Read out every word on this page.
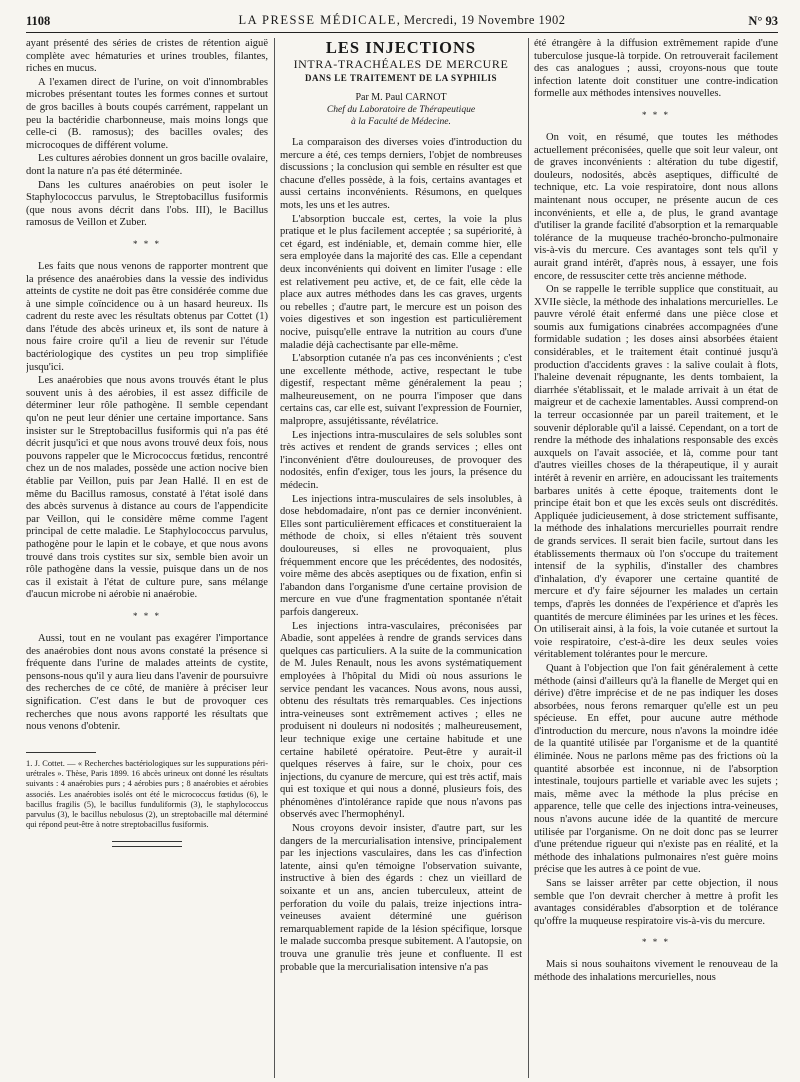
1108	LA PRESSE MÉDICALE, Mercredi, 19 Novembre 1902	N° 93

ayant présenté des séries de cristes de rétention aiguë complète avec hématuries et urines troubles, filantes, riches en mucus.

A l'examen direct de l'urine, on voit d'innombrables microbes présentant toutes les formes connes et surtout de gros bacilles à bouts coupés carrément, rappelant un peu la bactéridie charbonneuse, mais moins longs que celle-ci (B. ramosus); des bacilles ovales; des microcoques de différent volume.

Les cultures aérobies donnent un gros bacille ovalaire, dont la nature n'a pas été déterminée.

Dans les cultures anaérobies on peut isoler le Staphylococcus parvulus, le Streptobacillus fusiformis (que nous avons décrit dans l'obs. III), le Bacillus ramosus de Veillon et Zuber.

* * *

Les faits que nous venons de rapporter montrent que la présence des anaérobies dans la vessie des individus atteints de cystite ne doit pas être considérée comme due à une simple coïncidence ou à un hasard heureux. Ils cadrent du reste avec les résultats obtenus par Cottet (1) dans l'étude des abcès urineux et, ils sont de nature à nous faire croire qu'il a lieu de revenir sur l'étude bactériologique des cystites un peu trop simplifiée jusqu'ici.

Les anaérobies que nous avons trouvés étant le plus souvent unis à des aérobies, il est assez difficile de déterminer leur rôle pathogène. Il semble cependant qu'on ne peut leur dénier une certaine importance. Sans insister sur le Streptobacillus fusiformis qui n'a pas été décrit jusqu'ici et que nous avons trouvé deux fois, nous pouvons rappeler que le Micrococcus fœtidus, rencontré chez un de nos malades, possède une action nocive bien établie par Veillon, puis par Jean Hallé. Il en est de même du Bacillus ramosus, constaté à l'état isolé dans des abcès survenus à distance au cours de l'appendicite par Veillon, qui le considère même comme l'agent principal de cette maladie. Le Staphylococcus parvulus, pathogène pour le lapin et le cobaye, et que nous avons trouvé dans trois cystites sur six, semble bien avoir un rôle pathogène dans la vessie, puisque dans un de nos cas il existait à l'état de culture pure, sans mélange d'aucun microbe ni aérobie ni anaérobie.

* * *

Aussi, tout en ne voulant pas exagérer l'importance des anaérobies dont nous avons constaté la présence si fréquente dans l'urine de malades atteints de cystite, pensons-nous qu'il y aura lieu dans l'avenir de poursuivre des recherches de ce côté, de manière à préciser leur signification. C'est dans le but de provoquer ces recherches que nous avons rapporté les résultats que nous venons d'obtenir.

1. J. Cottet. — « Recherches bactériologiques sur les suppurations péri-urétrales ». Thèse, Paris 1899. 16 abcès urineux ont donné les résultats suivants : 4 anaérobies purs ; 4 aérobies purs ; 8 anaérobies et aérobies associés. Les anaérobies isolés ont été le micrococcus fœtidus (6), le bacillus fragilis (5), le bacillus funduliformis (3), le staphylococcus parvulus (3), le bacillus nebulosus (2), un streptobacille mal déterminé qui répond peut-être à notre streptobacillus fusiformis.
LES INJECTIONS
INTRA-TRACHÉALES DE MERCURE
DANS LE TRAITEMENT DE LA SYPHILIS
Par M. Paul CARNOT
Chef du Laboratoire de Thérapeutique
à la Faculté de Médecine.

La comparaison des diverses voies d'introduction du mercure a été, ces temps derniers, l'objet de nombreuses discussions ; la conclusion qui semble en résulter est que chacune d'elles possède, à la fois, certains avantages et aussi certains inconvénients. Résumons, en quelques mots, les uns et les autres.

L'absorption buccale est, certes, la voie la plus pratique et le plus facilement acceptée ; sa supériorité, à cet égard, est indéniable, et, demain comme hier, elle sera employée dans la majorité des cas. Elle a cependant deux inconvénients qui doivent en limiter l'usage : elle est relativement peu active, et, de ce fait, elle cède la place aux autres méthodes dans les cas graves, urgents ou rebelles ; d'autre part, le mercure est un poison des voies digestives et son ingestion est particulièrement nocive, puisqu'elle entrave la nutrition au cours d'une maladie déjà cachectisante par elle-même.

L'absorption cutanée n'a pas ces inconvénients ; c'est une excellente méthode, active, respectant le tube digestif, respectant même généralement la peau ; malheureusement, on ne pourra l'imposer que dans certains cas, car elle est, suivant l'expression de Fournier, malpropre, assujétissante, révélatrice.

Les injections intra-musculaires de sels solubles sont très actives et rendent de grands services ; elles ont l'inconvénient d'être douloureuses, de provoquer des nodosités, enfin d'exiger, tous les jours, la présence du médecin.

Les injections intra-musculaires de sels insolubles, à dose hebdomadaire, n'ont pas ce dernier inconvénient. Elles sont particulièrement efficaces et constitueraient la méthode de choix, si elles n'étaient très souvent douloureuses, si elles ne provoquaient, plus fréquemment encore que les précédentes, des nodosités, voire même des abcès aseptiques ou de fixation, enfin si l'abandon dans l'organisme d'une certaine provision de mercure en vue d'une fragmentation spontanée n'était parfois dangereux.

Les injections intra-vasculaires, préconisées par Abadie, sont appelées à rendre de grands services dans quelques cas particuliers. A la suite de la communication de M. Jules Renault, nous les avons systématiquement employées à l'hôpital du Midi où nous assurions le service pendant les vacances. Nous avons, nous aussi, obtenu des résultats très remarquables. Ces injections intra-veineuses sont extrêmement actives ; elles ne produisent ni douleurs ni nodosités ; malheureusement, leur technique exige une certaine habitude et une certaine habileté opératoire. Peut-être y aurait-il quelques réserves à faire, sur le choix, pour ces injections, du cyanure de mercure, qui est très actif, mais qui est toxique et qui nous a donné, plusieurs fois, des phénomènes d'intolérance rapide que nous n'avons pas observés avec l'hermophényl.

Nous croyons devoir insister, d'autre part, sur les dangers de la mercurialisation intensive, principalement par les injections vasculaires, dans les cas d'infection latente, ainsi qu'en témoigne l'observation suivante, instructive à bien des égards : chez un vieillard de soixante et un ans, ancien tuberculeux, atteint de perforation du voile du palais, treize injections intra-veineuses avaient déterminé une guérison remarquablement rapide de la lésion spécifique, lorsque le malade succomba presque subitement. A l'autopsie, on trouva une granulie très jeune et confluente. Il est probable que la mercurialisation intensive n'a pas

été étrangère à la diffusion extrêmement rapide d'une tuberculose jusque-là torpide. On retrouverait facilement des cas analogues ; aussi, croyons-nous que toute infection latente doit constituer une contre-indication formelle aux méthodes intensives nouvelles.

* * *

On voit, en résumé, que toutes les méthodes actuellement préconisées, quelle que soit leur valeur, ont de graves inconvénients : altération du tube digestif, douleurs, nodosités, abcès aseptiques, difficulté de technique, etc. La voie respiratoire, dont nous allons maintenant nous occuper, ne présente aucun de ces inconvénients, et elle a, de plus, le grand avantage d'utiliser la grande facilité d'absorption et la remarquable tolérance de la muqueuse trachéo-broncho-pulmonaire vis-à-vis du mercure. Ces avantages sont tels qu'il y aurait grand intérêt, d'après nous, à essayer, une fois encore, de ressusciter cette très ancienne méthode.

On se rappelle le terrible supplice que constituait, au XVIIe siècle, la méthode des inhalations mercurielles. Le pauvre vérolé était enfermé dans une pièce close et soumis aux fumigations cinabrées accompagnées d'une formidable sudation ; les doses ainsi absorbées étaient considérables, et le traitement était continué jusqu'à production d'accidents graves : la salive coulait à flots, l'haleine devenait répugnante, les dents tombaient, la diarrhée s'établissait, et le malade arrivait à un état de maigreur et de cachexie lamentables. Aussi comprend-on la terreur occasionnée par un pareil traitement, et le souvenir déplorable qu'il a laissé. Cependant, on a tort de rendre la méthode des inhalations responsable des excès auxquels on l'avait associée, et là, comme pour tant d'autres vieilles choses de la thérapeutique, il y aurait intérêt à revenir en arrière, en adoucissant les traitements barbares unités à cette époque, traitements dont le principe était bon et que les excès seuls ont discrédités. Appliquée judicieusement, à dose strictement suffisante, la méthode des inhalations mercurielles pourrait rendre de grands services. Il serait bien facile, surtout dans les établissements thermaux où l'on s'occupe du traitement intensif de la syphilis, d'installer des chambres d'inhalation, d'y évaporer une certaine quantité de mercure et d'y faire séjourner les malades un certain temps, d'après les données de l'expérience et d'après les quantités de mercure éliminées par les urines et les fèces. On utiliserait ainsi, à la fois, la voie cutanée et surtout la voie respiratoire, c'est-à-dire les deux seules voies véritablement tolérantes pour le mercure.

Quant à l'objection que l'on fait généralement à cette méthode (ainsi d'ailleurs qu'à la flanelle de Merget qui en dérive) d'être imprécise et de ne pas indiquer les doses absorbées, nous ferons remarquer qu'elle est un peu spécieuse. En effet, pour aucune autre méthode d'introduction du mercure, nous n'avons la moindre idée de la quantité utilisée par l'organisme et de la quantité éliminée. Nous ne parlons même pas des frictions où la quantité absorbée est inconnue, ni de l'absorption intestinale, toujours partielle et variable avec les sujets ; mais, même avec la méthode la plus précise en apparence, telle que celle des injections intra-veineuses, nous n'avons aucune idée de la quantité de mercure utilisée par l'organisme. On ne doit donc pas se leurrer d'une prétendue rigueur qui n'existe pas en réalité, et la méthode des inhalations pulmonaires n'est guère moins précise que les autres à ce point de vue.

Sans se laisser arrêter par cette objection, il nous semble que l'on devrait chercher à mettre à profit les avantages considérables d'absorption et de tolérance qu'offre la muqueuse respiratoire vis-à-vis du mercure.

* * *

Mais si nous souhaitons vivement le renouveau de la méthode des inhalations mercurielles, nous
